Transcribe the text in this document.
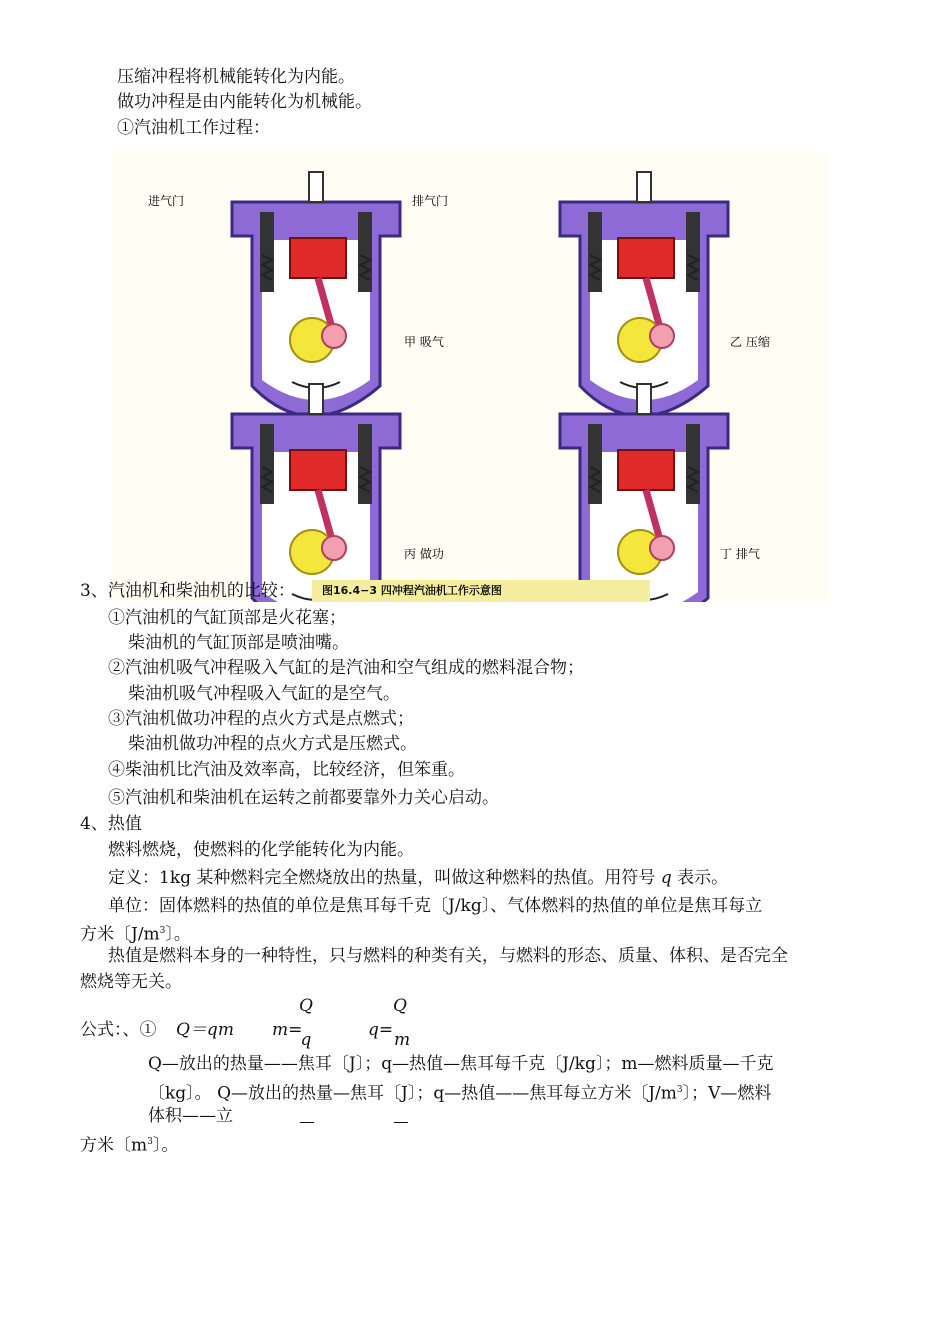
压缩冲程将机械能转化为内能。
做功冲程是由内能转化为机械能。
①汽油机工作过程：
进气门	排气门
甲 吸气	乙 压缩
丙 做功	丁 排气
3、汽油机和柴油机的比较：	图16.4−3 四冲程汽油机工作示意图
①汽油机的气缸顶部是火花塞；
柴油机的气缸顶部是喷油嘴。
②汽油机吸气冲程吸入气缸的是汽油和空气组成的燃料混合物；
柴油机吸气冲程吸入气缸的是空气。
③汽油机做功冲程的点火方式是点燃式；
柴油机做功冲程的点火方式是压燃式。
④柴油机比汽油及效率高，比较经济，但笨重。
⑤汽油机和柴油机在运转之前都要靠外力关心启动。
4、热值
燃料燃烧，使燃料的化学能转化为内能。
定义：1kg 某种燃料完全燃烧放出的热量，叫做这种燃料的热值。用符号 q 表示。
单位：固体燃料的热值的单位是焦耳每千克〔J/kg〕、气体燃料的热值的单位是焦耳每立
方米〔$J/m^3$〕。
热值是燃料本身的一种特性，只与燃料的种类有关，与燃料的形态、质量、体积、是否完全
燃烧等无关。
公式：、① Q＝qm m=
Q
q	q=
Q
m
Q—放出的热量——焦耳〔J〕；q—热值—焦耳每千克〔J/kg〕；m—燃料质量—千克
〔kg〕。 Q—放出的热量—焦耳〔J〕；q—热值——焦耳每立方米〔$J/m^3$〕；V—燃料
体积——立
方米〔$m^3$〕。
